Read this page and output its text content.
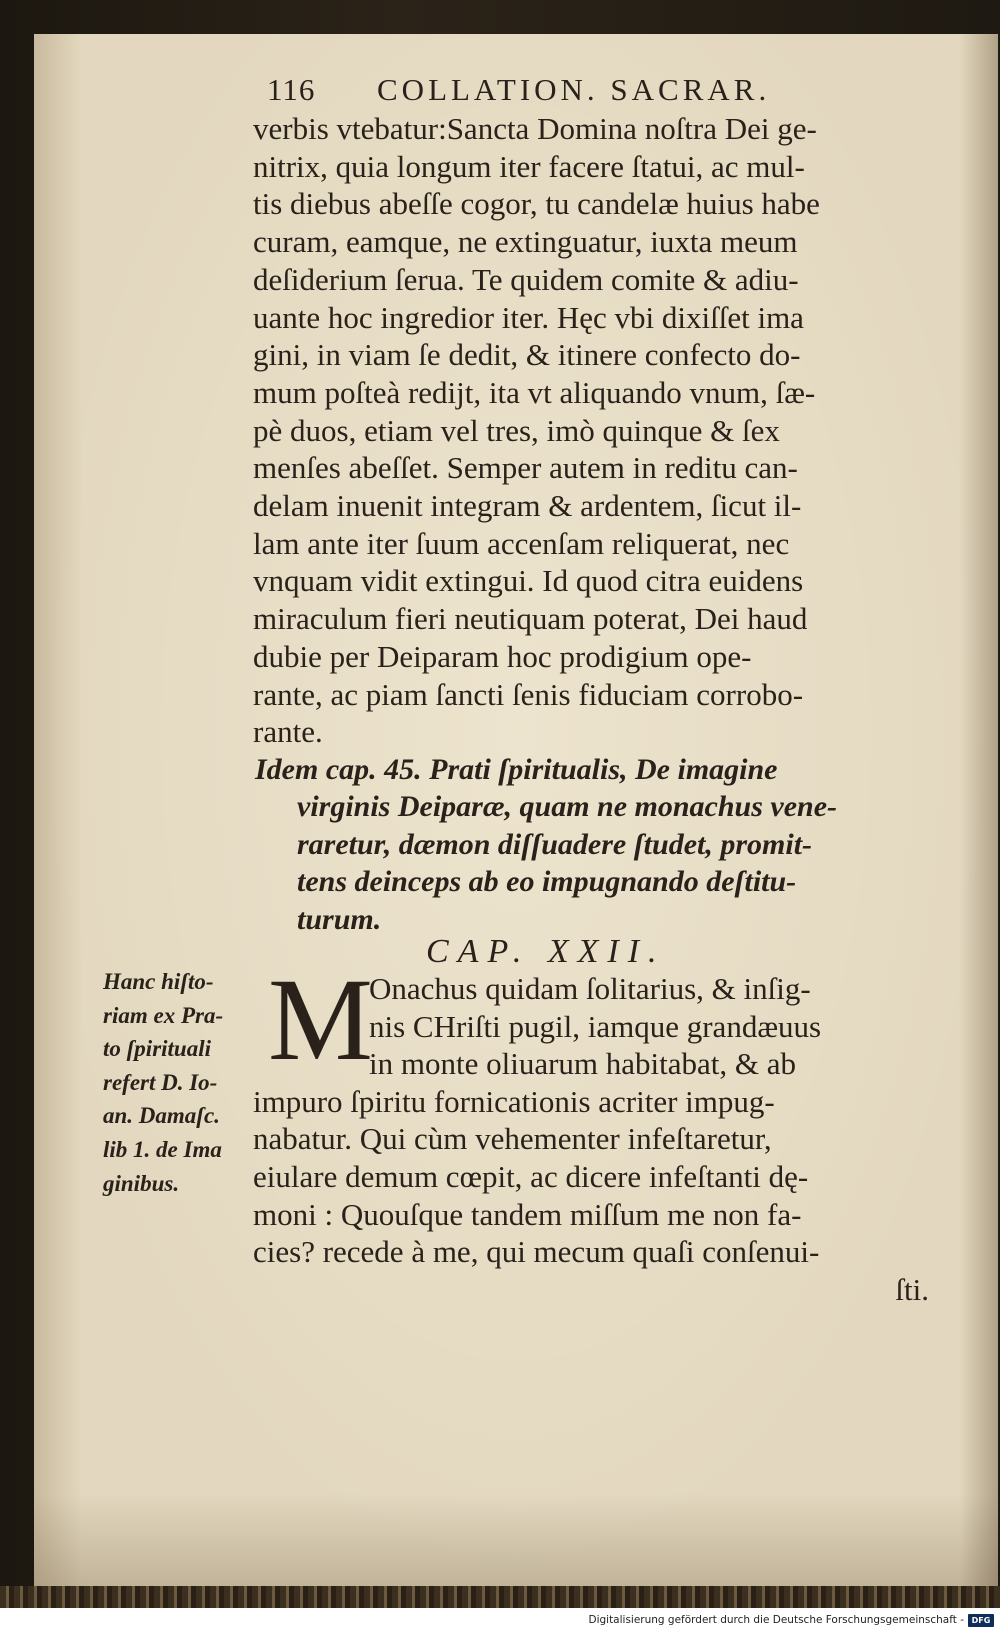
116 COLLATION. SACRAR.
verbis vtebatur:Sancta Domina noſtra Dei ge-
nitrix, quia longum iter facere ſtatui, ac mul-
tis diebus abeſſe cogor, tu candelæ huius habe
curam, eamque, ne extinguatur, iuxta meum
deſiderium ſerua. Te quidem comite & adiu-
uante hoc ingredior iter. Hęc vbi dixiſſet ima
gini, in viam ſe dedit, & itinere confecto do-
mum poſteà redijt, ita vt aliquando vnum, ſæ-
pè duos, etiam vel tres, imò quinque & ſex
menſes abeſſet. Semper autem in reditu can-
delam inuenit integram & ardentem, ſicut il-
lam ante iter ſuum accenſam reliquerat, nec
vnquam vidit extingui. Id quod citra euidens
miraculum fieri neutiquam poterat, Dei haud
dubie per Deiparam hoc prodigium ope-
rante, ac piam ſancti ſenis fiduciam corrobo-
rante.
Idem cap. 45. Prati ſpiritualis, De imagine
virginis Deiparæ, quam ne monachus vene-
raretur, dæmon diſſuadere ſtudet, promit-
tens deinceps ab eo impugnando deſtitu-
turum.
CAP. XXII.
M
Onachus quidam ſolitarius, & inſig-
nis CHriſti pugil, iamque grandæuus
in monte oliuarum habitabat, & ab
impuro ſpiritu fornicationis acriter impug-
nabatur. Qui cùm vehementer infeſtaretur,
eiulare demum cœpit, ac dicere infeſtanti dę-
moni : Quouſque tandem miſſum me non fa-
cies? recede à me, qui mecum quaſi conſenui-
ſti.
Hanc hiſto-
riam ex Pra-
to ſpirituali
refert D. Io-
an. Damaſc.
lib 1. de Ima
ginibus.
Digitalisierung gefördert durch die Deutsche Forschungsgemeinschaft - DFG
